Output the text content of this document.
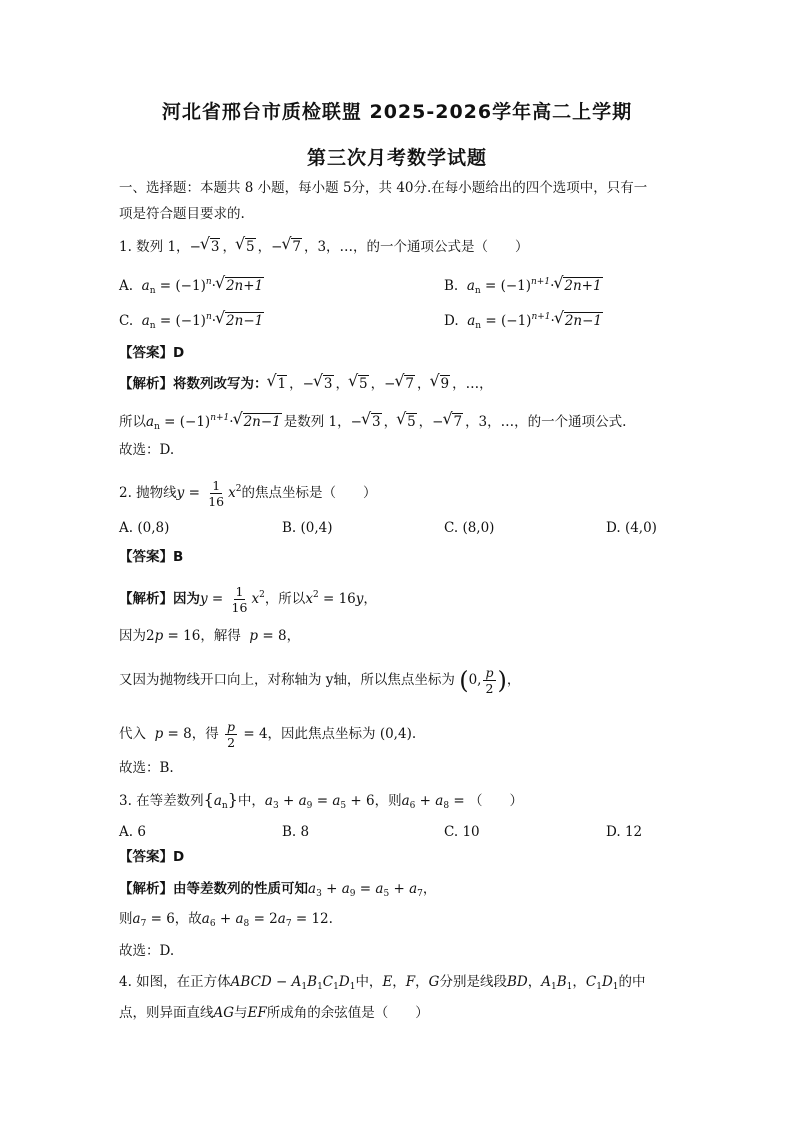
河北省邢台市质检联盟 2025-2026学年高二上学期
第三次月考数学试题
一、选择题：本题共 8 小题，每小题 5分，共 40分.在每小题给出的四个选项中，只有一
项是符合题目要求的.
1. 数列 1，−√ 3 ，√ 5 ，−√ 7 ，3，…，的一个通项公式是（　　）
A. $a_n = (-1)^n\cdot√$ 2n+1	B. $a_n = (-1)^{n+1}\cdot√$ 2n+1
C. $a_n = (-1)^n\cdot√$ 2n−1	D. $a_n = (-1)^{n+1}\cdot√$ 2n−1
【答案】D
【解析】将数列改写为：√ 1 ，−√ 3 ，√ 5 ，−√ 7 ，√ 9 ，…，
所以$a_n = (-1)^{n+1}\cdot√$ 2n−1 是数列 1，−√ 3 ，√ 5 ，−√ 7 ，3，…，的一个通项公式.
故选：D.
2. 抛物线$y = \frac{1}{16} x^2$的焦点坐标是（　　）
A. (0,8)	B. (0,4)	C. (8,0)	D. (4,0)
【答案】B
【解析】因为$y = \frac{1}{16} x^2$，所以$x^2 = 16y$，
因为2p = 16，解得 p = 8，
又因为抛物线开口向上，对称轴为 y轴，所以焦点坐标为 (0, $\frac{p}{2}$ )，
代入 p = 8，得 $\frac{p}{2} = 4$，因此焦点坐标为 (0,4).
故选：B.
3. 在等差数列$\{a_n\}$中，$a_3 + a_9 = a_5 + 6$，则$a_6 + a_8$ = （　　）
A. 6	B. 8	C. 10	D. 12
【答案】D
【解析】由等差数列的性质可知$a_3 + a_9 = a_5 + a_7$，
则$a_7 = 6$，故$a_6 + a_8 = 2a_7 = 12$.
故选：D.
4. 如图，在正方体ABCD − $A_1B_1C_1D_1$中，E，F，G分别是线段BD，$A_1B_1$，$C_1D_1$的中
点，则异面直线AG与EF所成角的余弦值是（　　）
